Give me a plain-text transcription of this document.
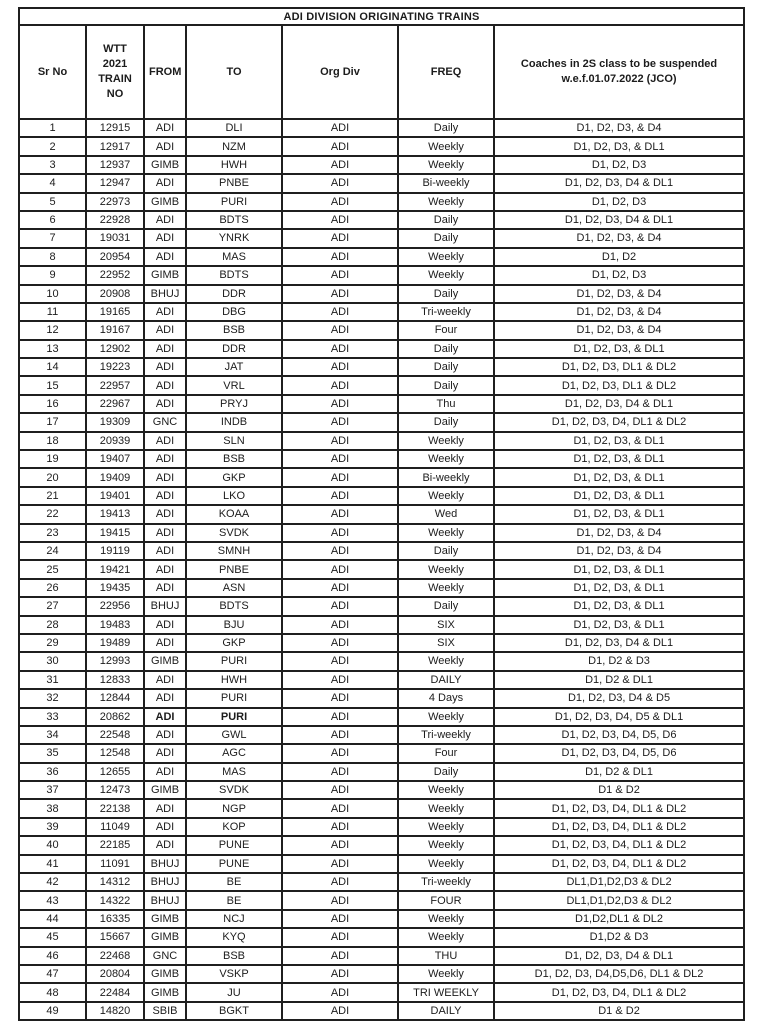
ADI DIVISION ORIGINATING TRAINS						
Sr No	WTT 2021 TRAIN NO	FROM	TO	Org Div	FREQ	Coaches in 2S class to be suspended w.e.f.01.07.2022 (JCO)
1	12915	ADI	DLI	ADI	Daily	D1, D2, D3, & D4
2	12917	ADI	NZM	ADI	Weekly	D1, D2, D3, & DL1
3	12937	GIMB	HWH	ADI	Weekly	D1, D2, D3
4	12947	ADI	PNBE	ADI	Bi-weekly	D1, D2, D3, D4 & DL1
5	22973	GIMB	PURI	ADI	Weekly	D1, D2, D3
6	22928	ADI	BDTS	ADI	Daily	D1, D2, D3, D4 & DL1
7	19031	ADI	YNRK	ADI	Daily	D1, D2, D3, & D4
8	20954	ADI	MAS	ADI	Weekly	D1, D2
9	22952	GIMB	BDTS	ADI	Weekly	D1, D2, D3
10	20908	BHUJ	DDR	ADI	Daily	D1, D2, D3, & D4
11	19165	ADI	DBG	ADI	Tri-weekly	D1, D2, D3, & D4
12	19167	ADI	BSB	ADI	Four	D1, D2, D3, & D4
13	12902	ADI	DDR	ADI	Daily	D1, D2, D3, & DL1
14	19223	ADI	JAT	ADI	Daily	D1, D2, D3, DL1 & DL2
15	22957	ADI	VRL	ADI	Daily	D1, D2, D3, DL1 & DL2
16	22967	ADI	PRYJ	ADI	Thu	D1, D2, D3, D4 & DL1
17	19309	GNC	INDB	ADI	Daily	D1, D2, D3, D4, DL1 & DL2
18	20939	ADI	SLN	ADI	Weekly	D1, D2, D3, & DL1
19	19407	ADI	BSB	ADI	Weekly	D1, D2, D3, & DL1
20	19409	ADI	GKP	ADI	Bi-weekly	D1, D2, D3, & DL1
21	19401	ADI	LKO	ADI	Weekly	D1, D2, D3, & DL1
22	19413	ADI	KOAA	ADI	Wed	D1, D2, D3, & DL1
23	19415	ADI	SVDK	ADI	Weekly	D1, D2, D3, & D4
24	19119	ADI	SMNH	ADI	Daily	D1, D2, D3, & D4
25	19421	ADI	PNBE	ADI	Weekly	D1, D2, D3, & DL1
26	19435	ADI	ASN	ADI	Weekly	D1, D2, D3, & DL1
27	22956	BHUJ	BDTS	ADI	Daily	D1, D2, D3, & DL1
28	19483	ADI	BJU	ADI	SIX	D1, D2, D3, & DL1
29	19489	ADI	GKP	ADI	SIX	D1, D2, D3, D4 & DL1
30	12993	GIMB	PURI	ADI	Weekly	D1, D2 & D3
31	12833	ADI	HWH	ADI	DAILY	D1, D2 & DL1
32	12844	ADI	PURI	ADI	4 Days	D1, D2, D3, D4 & D5
33	20862	ADI	PURI	ADI	Weekly	D1, D2, D3, D4, D5 & DL1
34	22548	ADI	GWL	ADI	Tri-weekly	D1, D2, D3, D4, D5, D6
35	12548	ADI	AGC	ADI	Four	D1, D2, D3, D4, D5, D6
36	12655	ADI	MAS	ADI	Daily	D1, D2 & DL1
37	12473	GIMB	SVDK	ADI	Weekly	D1 & D2
38	22138	ADI	NGP	ADI	Weekly	D1, D2, D3, D4, DL1 & DL2
39	11049	ADI	KOP	ADI	Weekly	D1, D2, D3, D4, DL1 & DL2
40	22185	ADI	PUNE	ADI	Weekly	D1, D2, D3, D4, DL1 & DL2
41	11091	BHUJ	PUNE	ADI	Weekly	D1, D2, D3, D4, DL1 & DL2
42	14312	BHUJ	BE	ADI	Tri-weekly	DL1,D1,D2,D3 & DL2
43	14322	BHUJ	BE	ADI	FOUR	DL1,D1,D2,D3 & DL2
44	16335	GIMB	NCJ	ADI	Weekly	D1,D2,DL1 & DL2
45	15667	GIMB	KYQ	ADI	Weekly	D1,D2 & D3
46	22468	GNC	BSB	ADI	THU	D1, D2, D3, D4 & DL1
47	20804	GIMB	VSKP	ADI	Weekly	D1, D2, D3, D4,D5,D6, DL1 & DL2
48	22484	GIMB	JU	ADI	TRI WEEKLY	D1, D2, D3, D4, DL1 & DL2
49	14820	SBIB	BGKT	ADI	DAILY	D1 & D2
